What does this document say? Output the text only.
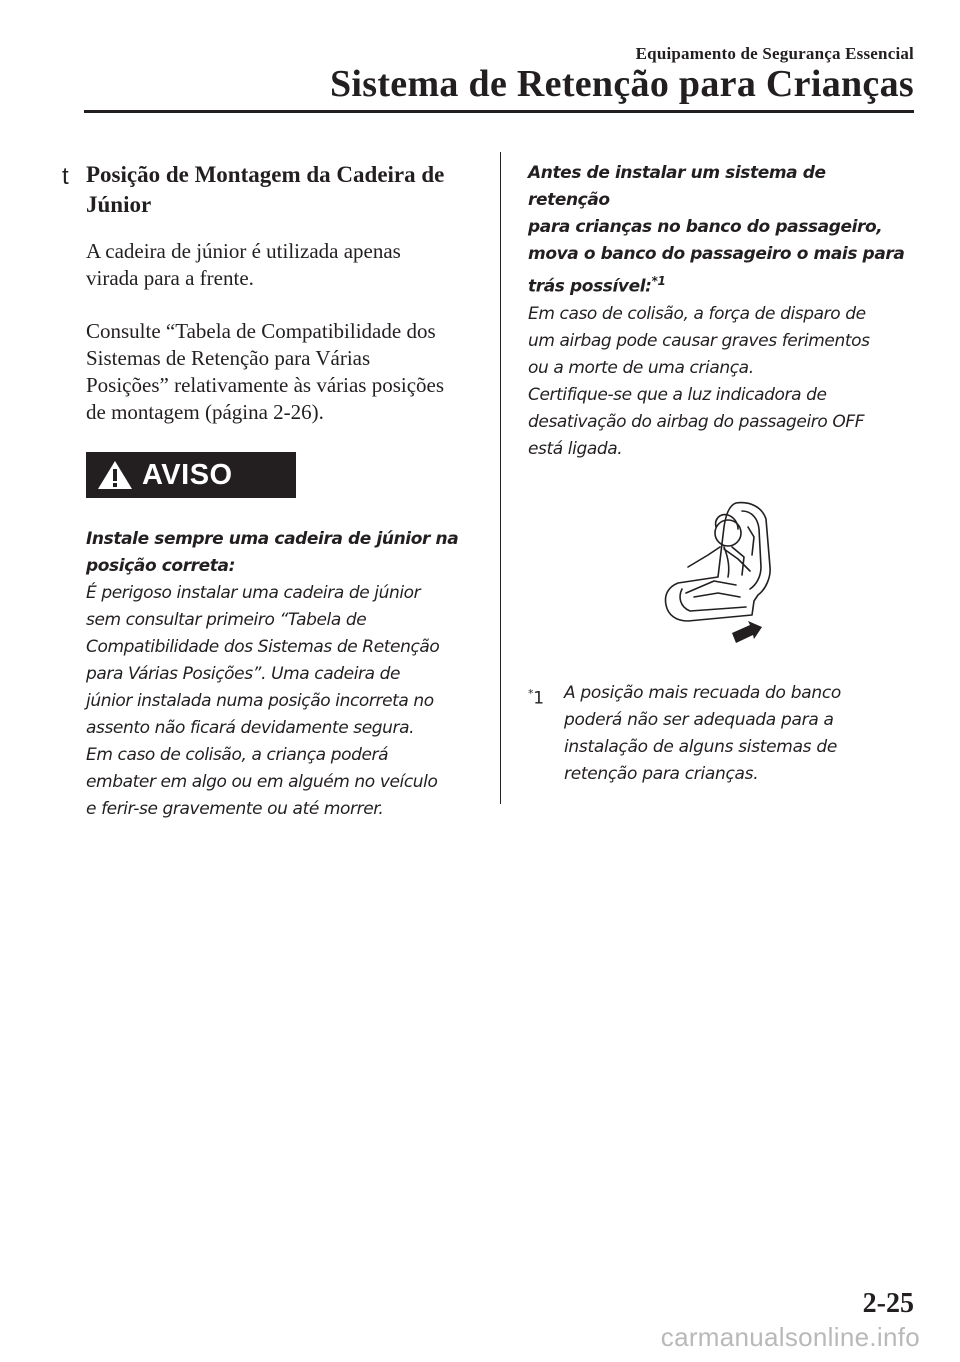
Equipamento de Segurança Essencial
Sistema de Retenção para Crianças
t Posição de Montagem da Cadeira de
Júnior
A cadeira de júnior é utilizada apenas
virada para a frente.
Consulte “Tabela de Compatibilidade dos
Sistemas de Retenção para Várias
Posições” relativamente às várias posições
de montagem (página 2-26).
AVISO

Instale sempre uma cadeira de júnior na

posição correta:

É perigoso instalar uma cadeira de júnior

sem consultar primeiro “Tabela de

Compatibilidade dos Sistemas de Retenção

para Várias Posições”. Uma cadeira de

júnior instalada numa posição incorreta no

assento não ficará devidamente segura.

Em caso de colisão, a criança poderá

embater em algo ou em alguém no veículo

e ferir-se gravemente ou até morrer.

Antes de instalar um sistema de retenção

para crianças no banco do passageiro,

mova o banco do passageiro o mais para

trás possível:$^{*1}$

Em caso de colisão, a força de disparo de

um airbag pode causar graves ferimentos

ou a morte de uma criança.

Certifique-se que a luz indicadora de

desativação do airbag do passageiro OFF

está ligada.

*1	A posição mais recuada do banco
poderá não ser adequada para a
instalação de alguns sistemas de
retenção para crianças.
2-25
carmanualsonline.info
